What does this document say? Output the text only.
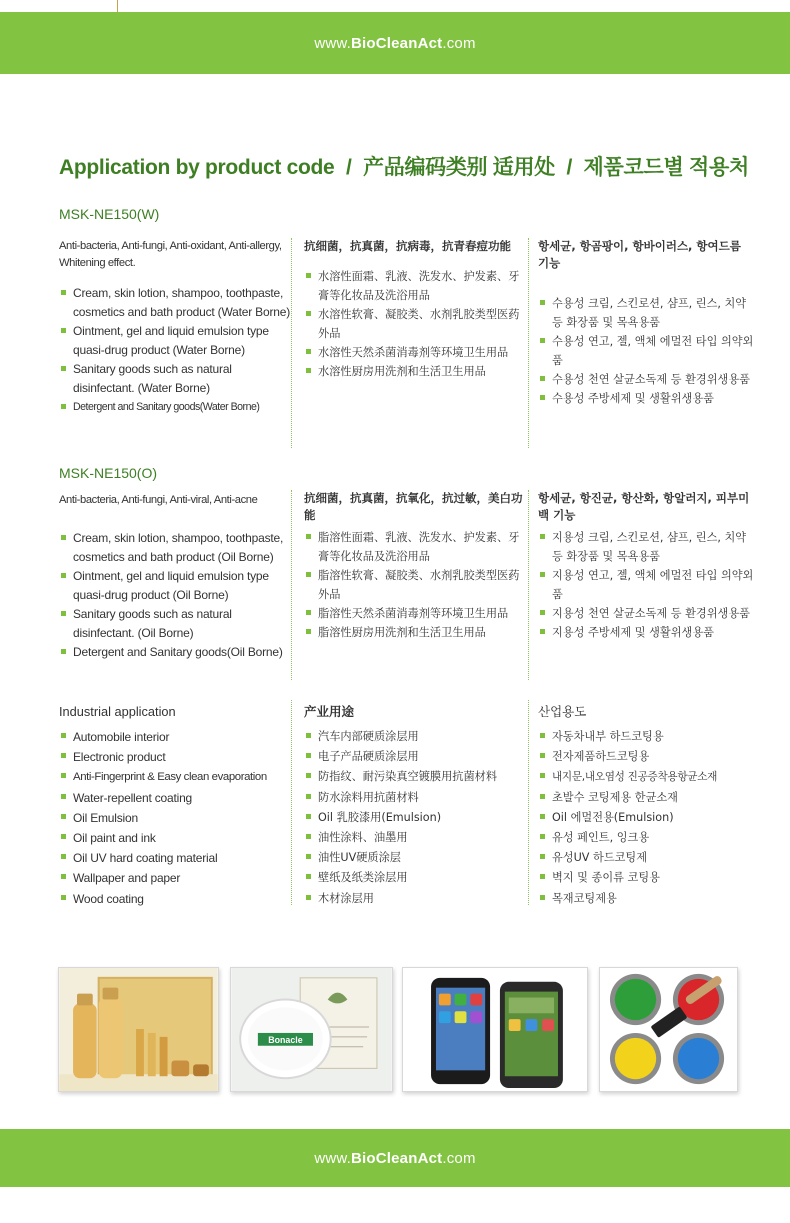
www.BioCleanAct.com
Application by product code / 产品编码类别 适用处 / 제품코드별 적용처
MSK-NE150(W)
Anti-bacteria, Anti-fungi, Anti-oxidant, Anti-allergy, Whitening effect.
Cream, skin lotion, shampoo, toothpaste, cosmetics and bath product (Water Borne)
Ointment, gel and liquid emulsion type quasi-drug product (Water Borne)
Sanitary goods such as natural disinfectant. (Water Borne)
Detergent and Sanitary goods(Water Borne)
抗细菌，抗真菌，抗病毒，抗青春痘功能
水溶性面霜、乳液、洗发水、护发素、牙膏等化妆品及洗浴用品
水溶性软膏、凝胶类、水剂乳胶类型医药外品
水溶性天然杀菌消毒剂等环境卫生用品
水溶性厨房用洗剂和生活卫生用品
항세균, 항곰팡이, 항바이러스, 항여드름 기능
수용성 크림, 스킨로션, 샴프, 린스, 치약 등 화장품 및 목욕용품
수용성 연고, 젤, 액체 에멀전 타입 의약외품
수용성 천연 살균소독제 등 환경위생용품
수용성 주방세제 및 생활위생용품
MSK-NE150(O)
Anti-bacteria, Anti-fungi, Anti-viral, Anti-acne
Cream, skin lotion, shampoo, toothpaste, cosmetics and bath product (Oil Borne)
Ointment, gel and liquid emulsion type quasi-drug product (Oil Borne)
Sanitary goods such as natural disinfectant. (Oil Borne)
Detergent and Sanitary goods(Oil Borne)
抗细菌，抗真菌，抗氧化，抗过敏，美白功能
脂溶性面霜、乳液、洗发水、护发素、牙膏等化妆品及洗浴用品
脂溶性软膏、凝胶类、水剂乳胶类型医药外品
脂溶性天然杀菌消毒剂等环境卫生用品
脂溶性厨房用洗剂和生活卫生用品
항세균, 항진균, 항산화, 항알러지, 피부미백 기능
지용성 크림, 스킨로션, 샴프, 린스, 치약 등 화장품 및 목욕용품
지용성 연고, 젤, 액체 에멀전 타입 의약외품
지용성 천연 살균소독제 등 환경위생용품
지용성 주방세제 및 생활위생용품
Industrial application
Automobile interior
Electronic product
Anti-Fingerprint & Easy clean evaporation
Water-repellent coating
Oil Emulsion
Oil paint and ink
Oil UV hard coating material
Wallpaper and paper
Wood coating
产业用途
汽车内部硬质涂层用
电子产品硬质涂层用
防指纹、耐污染真空镀膜用抗菌材料
防水涂料用抗菌材料
Oil 乳胶漆用(Emulsion)
油性涂料、油墨用
油性UV硬质涂层
壁纸及纸类涂层用
木材涂层用
산업용도
자동차내부 하드코팅용
전자제품하드코팅용
내지문,내오염성 진공증착용항균소재
초발수 코팅제용 한균소재
Oil 에멀전용(Emulsion)
유성 페인트, 잉크용
유성UV 하드코팅제
벽지 및 종이류 코팅용
목재코팅제용
Bonacle
www.BioCleanAct.com
